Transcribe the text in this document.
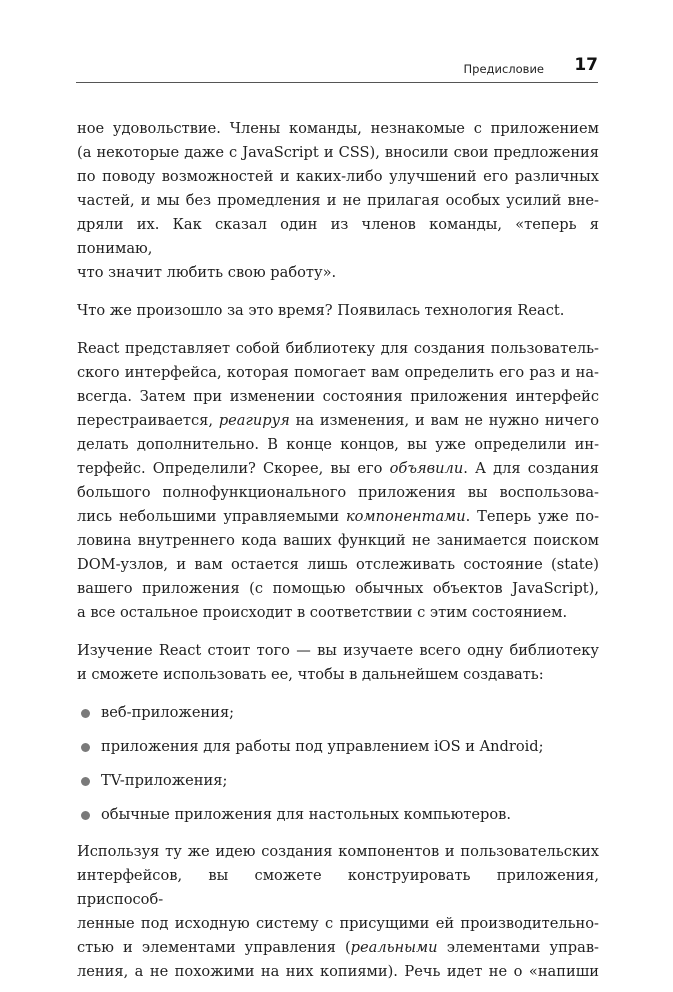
Предисловие 17

ное удовольствие. Члены команды, незнакомые с приложением
(а некоторые даже с JavaScript и CSS), вносили свои предложения
по поводу возможностей и каких-либо улучшений его различных
частей, и мы без промедления и не прилагая особых усилий вне-
дряли их. Как сказал один из членов команды, «теперь я понимаю,
что значит любить свою работу».

Что же произошло за это время? Появилась технология React.

React представляет собой библиотеку для создания пользователь-
ского интерфейса, которая помогает вам определить его раз и на-
всегда. Затем при изменении состояния приложения интерфейс
перестраивается, реагируя на изменения, и вам не нужно ничего
делать дополнительно. В конце концов, вы уже определили ин-
терфейс. Определили? Скорее, вы его объявили. А для создания
большого полнофункционального приложения вы воспользова-
лись небольшими управляемыми компонентами. Теперь уже по-
ловина внутреннего кода ваших функций не занимается поиском
DOM-узлов, и вам остается лишь отслеживать состояние (state)
вашего приложения (с помощью обычных объектов JavaScript),
а все остальное происходит в соответствии с этим состоянием.

Изучение React стоит того — вы изучаете всего одну библиотеку
и сможете использовать ее, чтобы в дальнейшем создавать:

веб-приложения;
приложения для работы под управлением iOS и Android;
TV-приложения;
обычные приложения для настольных компьютеров.

Используя ту же идею создания компонентов и пользовательских
интерфейсов, вы сможете конструировать приложения, приспособ-
ленные под исходную систему с присущими ей производительно-
стью и элементами управления (реальными элементами управ-
ления, а не похожими на них копиями). Речь идет не о «напиши
